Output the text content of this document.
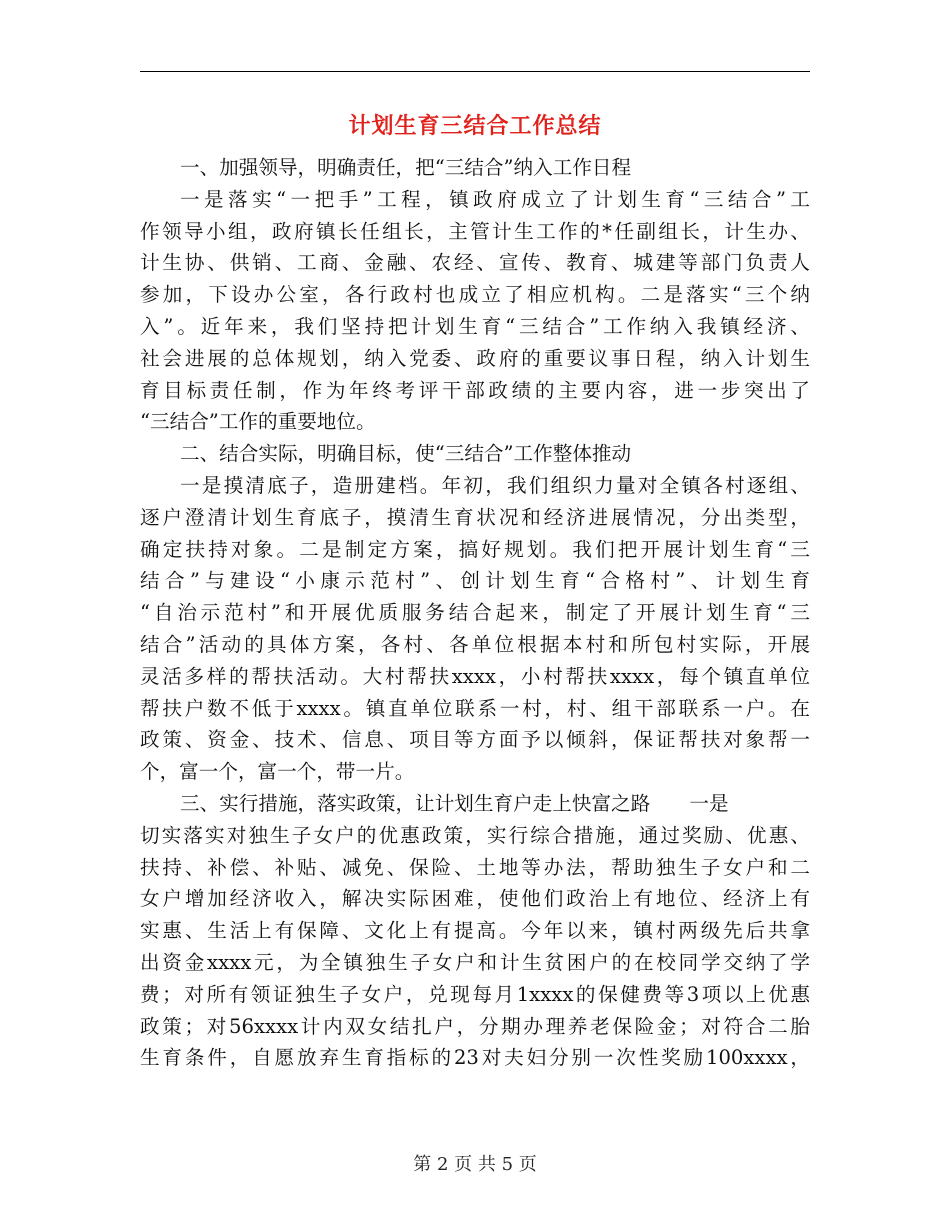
计划生育三结合工作总结
一、加强领导，明确责任，把“三结合”纳入工作日程
一是落实“一把手”工程，镇政府成立了计划生育“三结合”工
作领导小组，政府镇长任组长，主管计生工作的*任副组长，计生办、
计生协、供销、工商、金融、农经、宣传、教育、城建等部门负责人
参加，下设办公室，各行政村也成立了相应机构。二是落实“三个纳
入”。近年来，我们坚持把计划生育“三结合”工作纳入我镇经济、
社会进展的总体规划，纳入党委、政府的重要议事日程，纳入计划生
育目标责任制，作为年终考评干部政绩的主要内容，进一步突出了
“三结合”工作的重要地位。
二、结合实际，明确目标，使“三结合”工作整体推动
一是摸清底子，造册建档。年初，我们组织力量对全镇各村逐组、
逐户澄清计划生育底子，摸清生育状况和经济进展情况，分出类型，
确定扶持对象。二是制定方案，搞好规划。我们把开展计划生育“三
结合”与建设“小康示范村”、创计划生育“合格村”、计划生育
“自治示范村”和开展优质服务结合起来，制定了开展计划生育“三
结合”活动的具体方案，各村、各单位根据本村和所包村实际，开展
灵活多样的帮扶活动。大村帮扶xxxx，小村帮扶xxxx，每个镇直单位
帮扶户数不低于xxxx。镇直单位联系一村，村、组干部联系一户。在
政策、资金、技术、信息、项目等方面予以倾斜，保证帮扶对象帮一
个，富一个，富一个，带一片。
三、实行措施，落实政策，让计划生育户走上快富之路　　一是
切实落实对独生子女户的优惠政策，实行综合措施，通过奖励、优惠、
扶持、补偿、补贴、减免、保险、土地等办法，帮助独生子女户和二
女户增加经济收入，解决实际困难，使他们政治上有地位、经济上有
实惠、生活上有保障、文化上有提高。今年以来，镇村两级先后共拿
出资金xxxx元，为全镇独生子女户和计生贫困户的在校同学交纳了学
费；对所有领证独生子女户，兑现每月1xxxx的保健费等3项以上优惠
政策；对56xxxx计内双女结扎户，分期办理养老保险金；对符合二胎
生育条件，自愿放弃生育指标的23对夫妇分别一次性奖励100xxxx，
第 2 页 共 5 页
